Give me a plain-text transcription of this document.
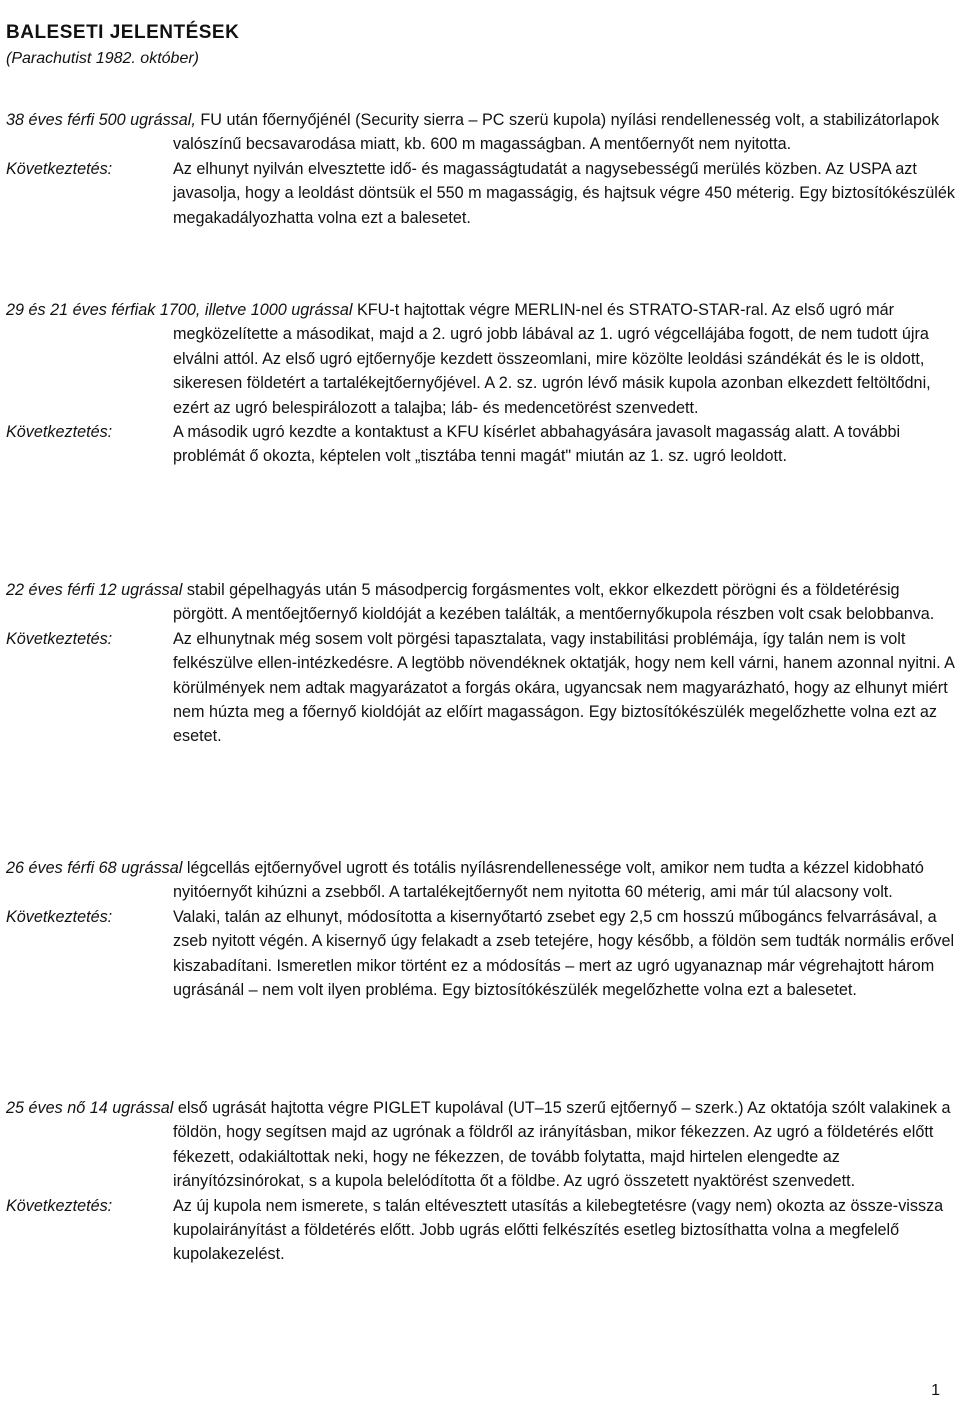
BALESETI JELENTÉSEK

(Parachutist 1982. október)

38 éves férfi 500 ugrással, FU után főernyőjénél (Security sierra – PC szerü kupola) nyílási rendellenesség volt, a stabilizátorlapok valószínű becsavarodása miatt, kb. 600 m magasságban. A mentőernyőt nem nyitotta.

Következtetés:	Az elhunyt nyilván elvesztette idő- és magasságtudatát a nagysebességű merülés közben. Az USPA azt javasolja, hogy a leoldást döntsük el 550 m magasságig, és hajtsuk végre 450 méterig. Egy biztosítókészülék megakadályozhatta volna ezt a balesetet.

29 és 21 éves férfiak 1700, illetve 1000 ugrással KFU-t hajtottak végre MERLIN-nel és STRATO-STAR-ral. Az első ugró már megközelítette a másodikat, majd a 2. ugró jobb lábával az 1. ugró végcellájába fogott, de nem tudott újra elválni attól. Az első ugró ejtőernyője kezdett összeomlani, mire közölte leoldási szándékát és le is oldott, sikeresen földetért a tartalékejtőernyőjével. A 2. sz. ugrón lévő másik kupola azonban elkezdett feltöltődni, ezért az ugró belespirálozott a talajba; láb- és medencetörést szenvedett.

Következtetés:	A második ugró kezdte a kontaktust a KFU kísérlet abbahagyására javasolt magasság alatt. A további problémát ő okozta, képtelen volt „tisztába tenni magát" miután az 1. sz. ugró leoldott.

22 éves férfi 12 ugrással stabil gépelhagyás után 5 másodpercig forgásmentes volt, ekkor elkezdett pörögni és a földetérésig pörgött. A mentőejtőernyő kioldóját a kezében találták, a mentőernyőkupola részben volt csak belobbanva.

Következtetés:	Az elhunytnak még sosem volt pörgési tapasztalata, vagy instabilitási problémája, így talán nem is volt felkészülve ellen-intézkedésre. A legtöbb növendéknek oktatják, hogy nem kell várni, hanem azonnal nyitni. A körülmények nem adtak magyarázatot a forgás okára, ugyancsak nem magyarázható, hogy az elhunyt miért nem húzta meg a főernyő kioldóját az előírt magasságon. Egy biztosítókészülék megelőzhette volna ezt az esetet.

26 éves férfi 68 ugrással légcellás ejtőernyővel ugrott és totális nyílásrendellenessége volt, amikor nem tudta a kézzel kidobható nyitóernyőt kihúzni a zsebből. A tartalékejtőernyőt nem nyitotta 60 méterig, ami már túl alacsony volt.

Következtetés:	Valaki, talán az elhunyt, módosította a kisernyőtartó zsebet egy 2,5 cm hosszú műbogáncs felvarrásával, a zseb nyitott végén. A kisernyő úgy felakadt a zseb tetejére, hogy később, a földön sem tudták normális erővel kiszabadítani. Ismeretlen mikor történt ez a módosítás – mert az ugró ugyanaznap már végrehajtott három ugrásánál – nem volt ilyen probléma. Egy biztosítókészülék megelőzhette volna ezt a balesetet.

25 éves nő 14 ugrással első ugrását hajtotta végre PIGLET kupolával (UT–15 szerű ejtőernyő – szerk.) Az oktatója szólt valakinek a földön, hogy segítsen majd az ugrónak a földről az irányításban, mikor fékezzen. Az ugró a földetérés előtt fékezett, odakiáltottak neki, hogy ne fékezzen, de tovább folytatta, majd hirtelen elengedte az irányítózsinórokat, s a kupola belelódította őt a földbe. Az ugró összetett nyaktörést szenvedett.

Következtetés:	Az új kupola nem ismerete, s talán eltévesztett utasítás a kilebegtetésre (vagy nem) okozta az össze-vissza kupolairányítást a földetérés előtt. Jobb ugrás előtti felkészítés esetleg biztosíthatta volna a megfelelő kupolakezelést.

1
